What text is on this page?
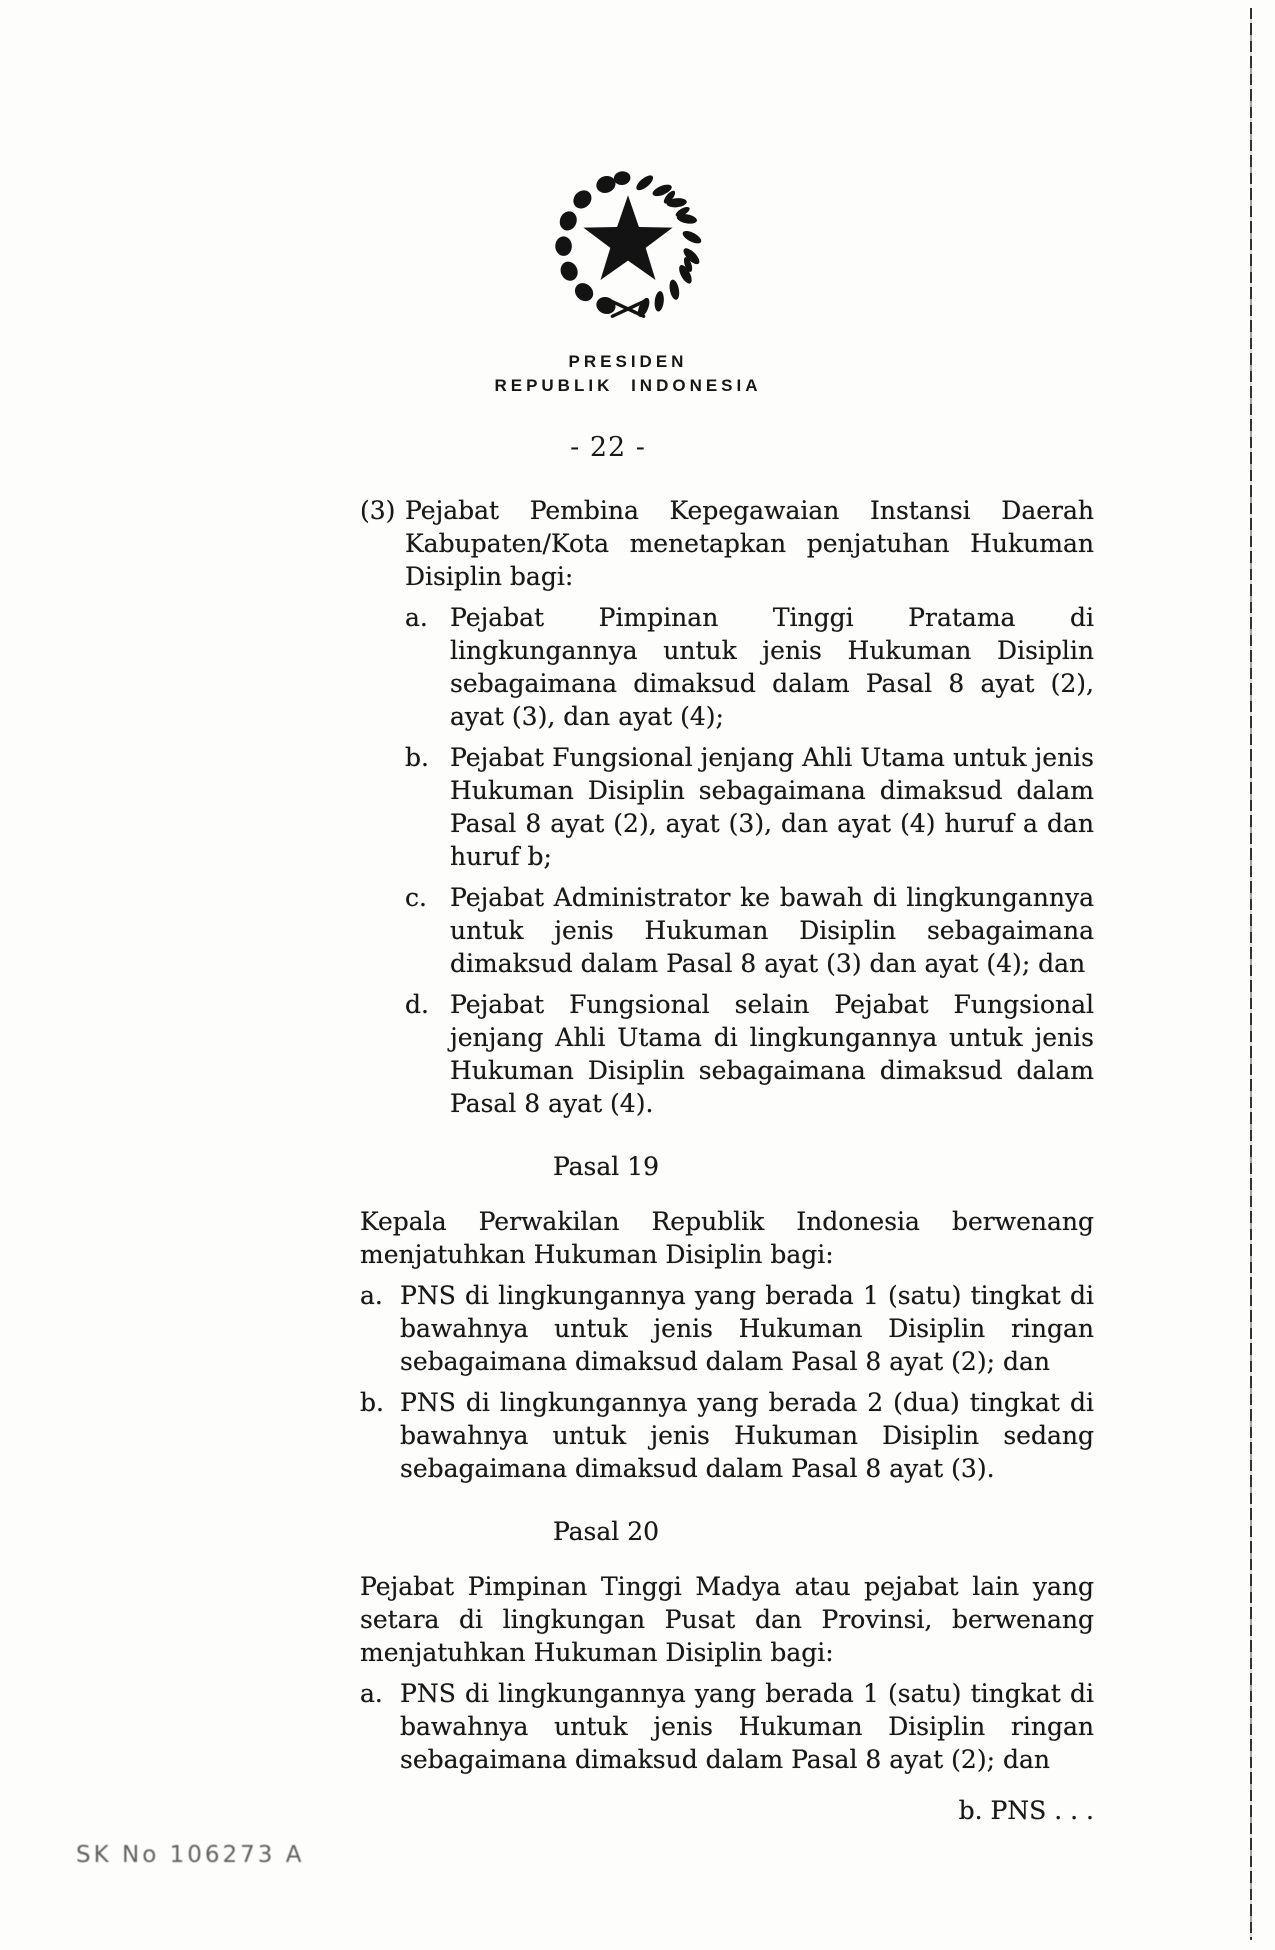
PRESIDEN
REPUBLIK INDONESIA
- 22 -
(3) Pejabat Pembina Kepegawaian Instansi Daerah Kabupaten/Kota menetapkan penjatuhan Hukuman Disiplin bagi:
a. Pejabat Pimpinan Tinggi Pratama di lingkungannya untuk jenis Hukuman Disiplin sebagaimana dimaksud dalam Pasal 8 ayat (2), ayat (3), dan ayat (4);
b. Pejabat Fungsional jenjang Ahli Utama untuk jenis Hukuman Disiplin sebagaimana dimaksud dalam Pasal 8 ayat (2), ayat (3), dan ayat (4) huruf a dan huruf b;
c. Pejabat Administrator ke bawah di lingkungannya untuk jenis Hukuman Disiplin sebagaimana dimaksud dalam Pasal 8 ayat (3) dan ayat (4); dan
d. Pejabat Fungsional selain Pejabat Fungsional jenjang Ahli Utama di lingkungannya untuk jenis Hukuman Disiplin sebagaimana dimaksud dalam Pasal 8 ayat (4).
Pasal 19
Kepala Perwakilan Republik Indonesia berwenang menjatuhkan Hukuman Disiplin bagi:
a. PNS di lingkungannya yang berada 1 (satu) tingkat di bawahnya untuk jenis Hukuman Disiplin ringan sebagaimana dimaksud dalam Pasal 8 ayat (2); dan
b. PNS di lingkungannya yang berada 2 (dua) tingkat di bawahnya untuk jenis Hukuman Disiplin sedang sebagaimana dimaksud dalam Pasal 8 ayat (3).
Pasal 20
Pejabat Pimpinan Tinggi Madya atau pejabat lain yang setara di lingkungan Pusat dan Provinsi, berwenang menjatuhkan Hukuman Disiplin bagi:
a. PNS di lingkungannya yang berada 1 (satu) tingkat di bawahnya untuk jenis Hukuman Disiplin ringan sebagaimana dimaksud dalam Pasal 8 ayat (2); dan
b. PNS . . .
SK No 106273 A
